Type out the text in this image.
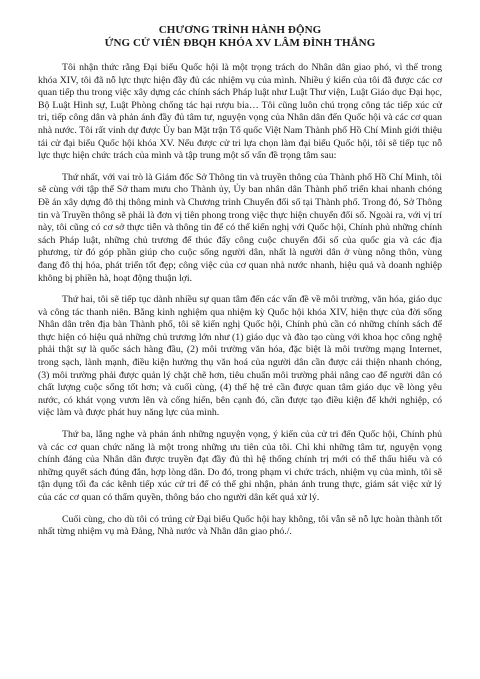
CHƯƠNG TRÌNH HÀNH ĐỘNG
ỨNG CỬ VIÊN ĐBQH KHÓA XV LÂM ĐÌNH THẮNG

Tôi nhận thức rằng Đại biểu Quốc hội là một trọng trách do Nhân dân giao phó, vì thế trong khóa XIV, tôi đã nỗ lực thực hiện đầy đủ các nhiệm vụ của mình. Nhiều ý kiến của tôi đã được các cơ quan tiếp thu trong việc xây dựng các chính sách Pháp luật như Luật Thư viện, Luật Giáo dục Đại học, Bộ Luật Hình sự, Luật Phòng chống tác hại rượu bia… Tôi cũng luôn chú trọng công tác tiếp xúc cử tri, tiếp công dân và phản ánh đầy đủ tâm tư, nguyện vọng của Nhân dân đến Quốc hội và các cơ quan nhà nước. Tôi rất vinh dự được Ủy ban Mặt trận Tổ quốc Việt Nam Thành phố Hồ Chí Minh giới thiệu tái cử đại biểu Quốc hội khóa XV. Nếu được cử tri lựa chọn làm đại biểu Quốc hội, tôi sẽ tiếp tục nỗ lực thực hiện chức trách của mình và tập trung một số vấn đề trọng tâm sau:

Thứ nhất, với vai trò là Giám đốc Sở Thông tin và truyền thông của Thành phố Hồ Chí Minh, tôi sẽ cùng với tập thể Sở tham mưu cho Thành ủy, Ủy ban nhân dân Thành phố triển khai nhanh chóng Đề án xây dựng đô thị thông minh và Chương trình Chuyển đổi số tại Thành phố. Trong đó, Sở Thông tin và Truyền thông sẽ phải là đơn vị tiên phong trong việc thực hiện chuyển đổi số. Ngoài ra, với vị trí này, tôi cũng có cơ sở thực tiễn và thông tin để có thể kiến nghị với Quốc hội, Chính phủ những chính sách Pháp luật, những chủ trương để thúc đẩy công cuộc chuyển đổi số của quốc gia và các địa phương, từ đó góp phần giúp cho cuộc sống người dân, nhất là người dân ở vùng nông thôn, vùng đang đô thị hóa, phát triển tốt đẹp; công việc của cơ quan nhà nước nhanh, hiệu quả và doanh nghiệp không bị phiền hà, hoạt động thuận lợi.

Thứ hai, tôi sẽ tiếp tục dành nhiều sự quan tâm đến các vấn đề về môi trường, văn hóa, giáo dục và công tác thanh niên. Bằng kinh nghiệm qua nhiệm kỳ Quốc hội khóa XIV, hiện thực của đời sống Nhân dân trên địa bàn Thành phố, tôi sẽ kiến nghị Quốc hội, Chính phủ cần có những chính sách để thực hiện có hiệu quả những chủ trương lớn như (1) giáo dục và đào tạo cùng với khoa học công nghệ phải thật sự là quốc sách hàng đầu, (2) môi trường văn hóa, đặc biệt là môi trường mạng Internet, trong sạch, lành mạnh, điều kiện hưởng thụ văn hoá của người dân cần được cải thiện nhanh chóng, (3) môi trường phải được quản lý chặt chẽ hơn, tiêu chuẩn môi trường phải nâng cao để người dân có chất lượng cuộc sống tốt hơn; và cuối cùng, (4) thế hệ trẻ cần được quan tâm giáo dục về lòng yêu nước, có khát vọng vươn lên và cống hiến, bên cạnh đó, cần được tạo điều kiện để khởi nghiệp, có việc làm và được phát huy năng lực của mình.

Thứ ba, lắng nghe và phản ánh những nguyện vọng, ý kiến của cử tri đến Quốc hội, Chính phủ và các cơ quan chức năng là một trong những ưu tiên của tôi. Chỉ khi những tâm tư, nguyện vọng chính đáng của Nhân dân được truyền đạt đầy đủ thì hệ thống chính trị mới có thể thấu hiểu và có những quyết sách đúng đắn, hợp lòng dân. Do đó, trong phạm vi chức trách, nhiệm vụ của mình, tôi sẽ tận dụng tối đa các kênh tiếp xúc cử tri để có thể ghi nhận, phản ánh trung thực, giám sát việc xử lý của các cơ quan có thẩm quyền, thông báo cho người dân kết quả xử lý.

Cuối cùng, cho dù tôi có trúng cử Đại biểu Quốc hội hay không, tôi vẫn sẽ nỗ lực hoàn thành tốt nhất từng nhiệm vụ mà Đảng, Nhà nước và Nhân dân giao phó./.
